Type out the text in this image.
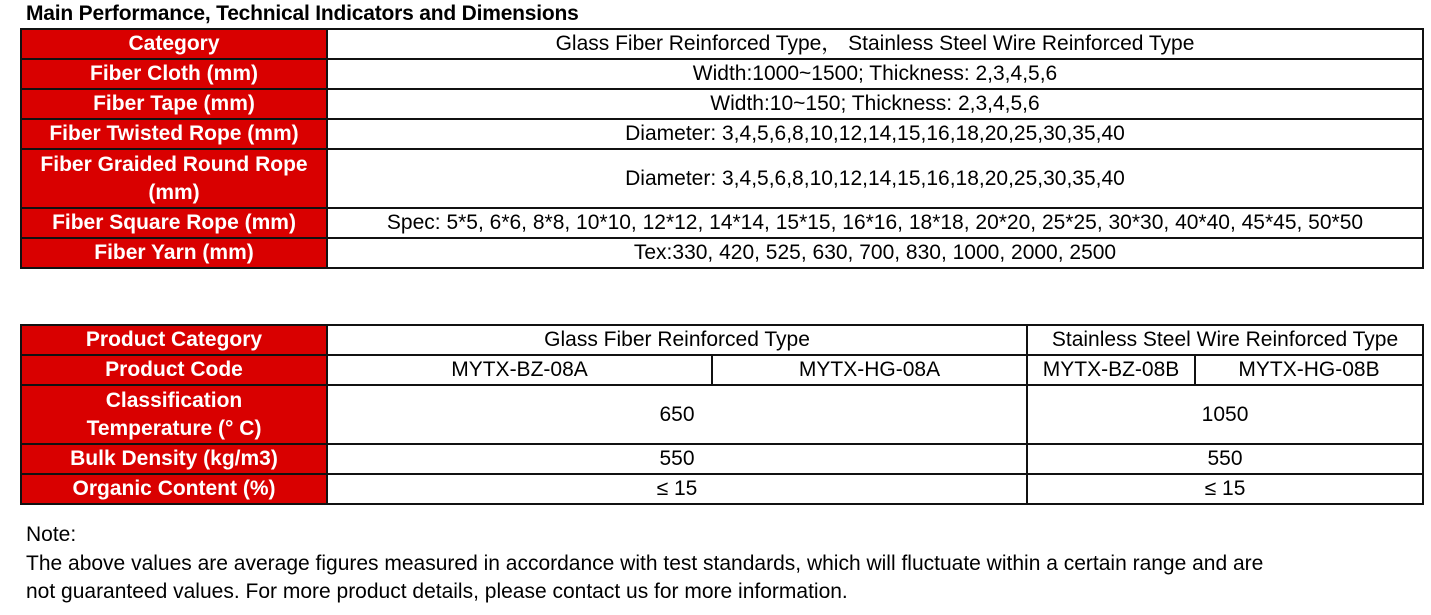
Main Performance, Technical Indicators and Dimensions
Category	Glass Fiber Reinforced Type， Stainless Steel Wire Reinforced Type
Fiber Cloth (mm)	Width:1000~1500; Thickness: 2,3,4,5,6
Fiber Tape (mm)	Width:10~150; Thickness: 2,3,4,5,6
Fiber Twisted Rope (mm)	Diameter: 3,4,5,6,8,10,12,14,15,16,18,20,25,30,35,40
Fiber Graided Round Rope (mm)	Diameter: 3,4,5,6,8,10,12,14,15,16,18,20,25,30,35,40
Fiber Square Rope (mm)	Spec: 5*5, 6*6, 8*8, 10*10, 12*12, 14*14, 15*15, 16*16, 18*18, 20*20, 25*25, 30*30, 40*40, 45*45, 50*50
Fiber Yarn (mm)	Tex:330, 420, 525, 630, 700, 830, 1000, 2000, 2500
Product Category	Glass Fiber Reinforced Type		Stainless Steel Wire Reinforced Type	
Product Code	MYTX-BZ-08A	MYTX-HG-08A	MYTX-BZ-08B	MYTX-HG-08B
Classification Temperature (° C)	650		1050	
Bulk Density (kg/m3)	550		550	
Organic Content (%)	≤ 15		≤ 15	
Note:
The above values are average figures measured in accordance with test standards, which will fluctuate within a certain range and are
not guaranteed values. For more product details, please contact us for more information.
